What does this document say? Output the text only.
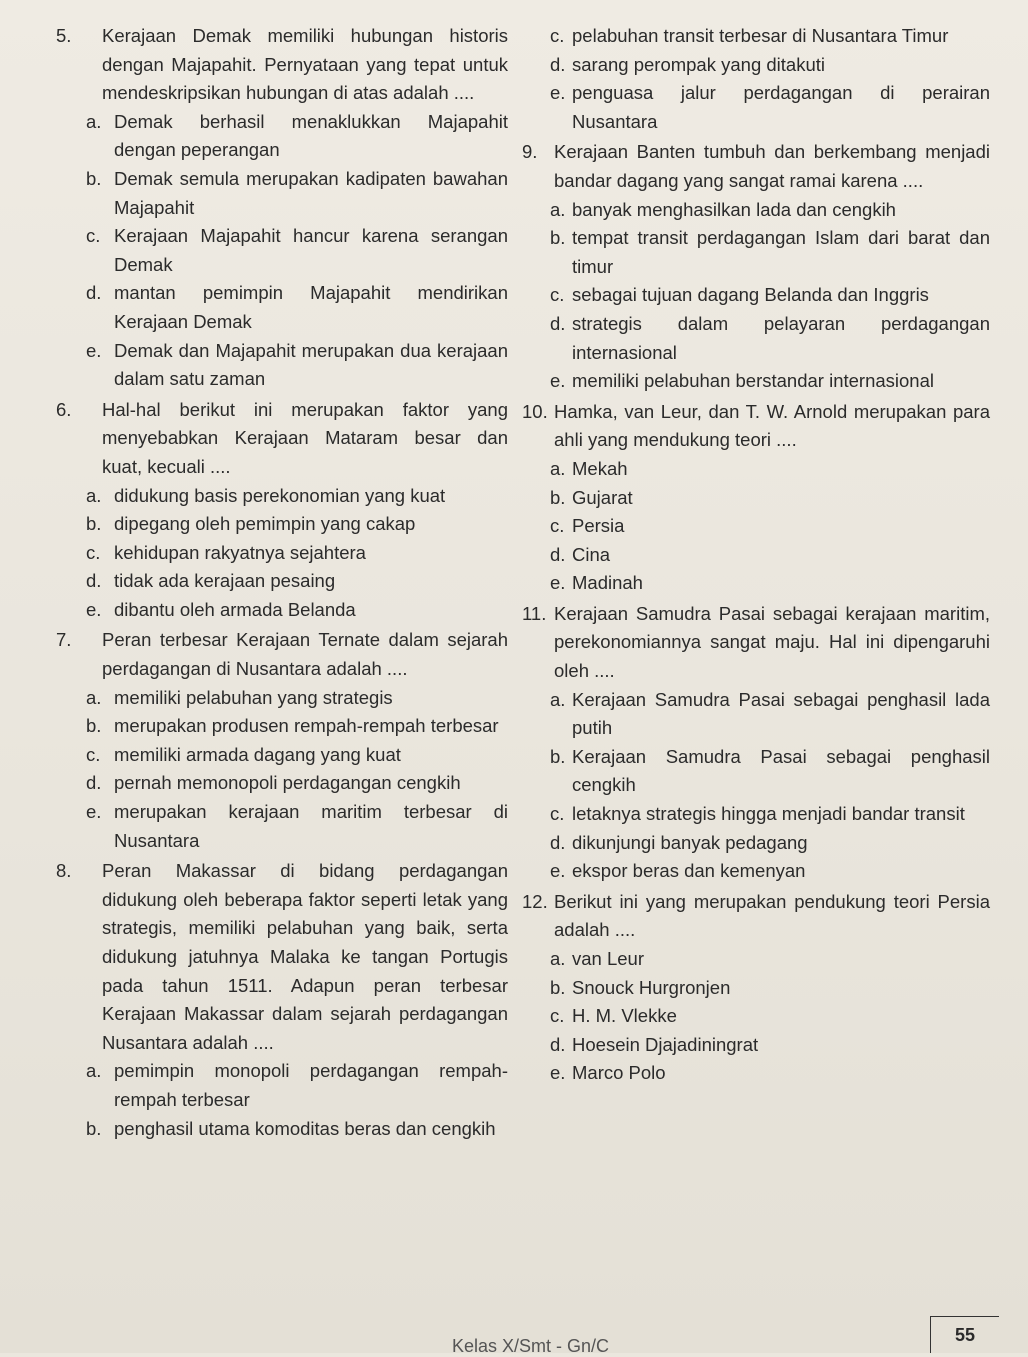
5. Kerajaan Demak memiliki hubungan historis dengan Majapahit. Pernyataan yang tepat untuk mendeskripsikan hubungan di atas adalah ....

a. Demak berhasil menaklukkan Majapahit dengan peperangan

b. Demak semula merupakan kadipaten bawahan Majapahit

c. Kerajaan Majapahit hancur karena serangan Demak

d. mantan pemimpin Majapahit mendirikan Kerajaan Demak

e. Demak dan Majapahit merupakan dua kerajaan dalam satu zaman

6. Hal-hal berikut ini merupakan faktor yang menyebabkan Kerajaan Mataram besar dan kuat, kecuali ....

a. didukung basis perekonomian yang kuat

b. dipegang oleh pemimpin yang cakap

c. kehidupan rakyatnya sejahtera

d. tidak ada kerajaan pesaing

e. dibantu oleh armada Belanda

7. Peran terbesar Kerajaan Ternate dalam sejarah perdagangan di Nusantara adalah ....

a. memiliki pelabuhan yang strategis

b. merupakan produsen rempah-rempah terbesar

c. memiliki armada dagang yang kuat

d. pernah memonopoli perdagangan cengkih

e. merupakan kerajaan maritim terbesar di Nusantara

8. Peran Makassar di bidang perdagangan didukung oleh beberapa faktor seperti letak yang strategis, memiliki pelabuhan yang baik, serta didukung jatuhnya Malaka ke tangan Portugis pada tahun 1511. Adapun peran terbesar Kerajaan Makassar dalam sejarah perdagangan Nusantara adalah ....

a. pemimpin monopoli perdagangan rempah-rempah terbesar

b. penghasil utama komoditas beras dan cengkih

c. pelabuhan transit terbesar di Nusantara Timur

d. sarang perompak yang ditakuti

e. penguasa jalur perdagangan di perairan Nusantara

9. Kerajaan Banten tumbuh dan berkembang menjadi bandar dagang yang sangat ramai karena ....

a. banyak menghasilkan lada dan cengkih

b. tempat transit perdagangan Islam dari barat dan timur

c. sebagai tujuan dagang Belanda dan Inggris

d. strategis dalam pelayaran perdagangan internasional

e. memiliki pelabuhan berstandar internasional

10. Hamka, van Leur, dan T. W. Arnold merupakan para ahli yang mendukung teori ....

a. Mekah

b. Gujarat

c. Persia

d. Cina

e. Madinah

11. Kerajaan Samudra Pasai sebagai kerajaan maritim, perekonomiannya sangat maju. Hal ini dipengaruhi oleh ....

a. Kerajaan Samudra Pasai sebagai penghasil lada putih

b. Kerajaan Samudra Pasai sebagai penghasil cengkih

c. letaknya strategis hingga menjadi bandar transit

d. dikunjungi banyak pedagang

e. ekspor beras dan kemenyan

12. Berikut ini yang merupakan pendukung teori Persia adalah ....

a. van Leur

b. Snouck Hurgronjen

c. H. M. Vlekke

d. Hoesein Djajadiningrat

e. Marco Polo

Kelas X/Smt - Gn/C
55
